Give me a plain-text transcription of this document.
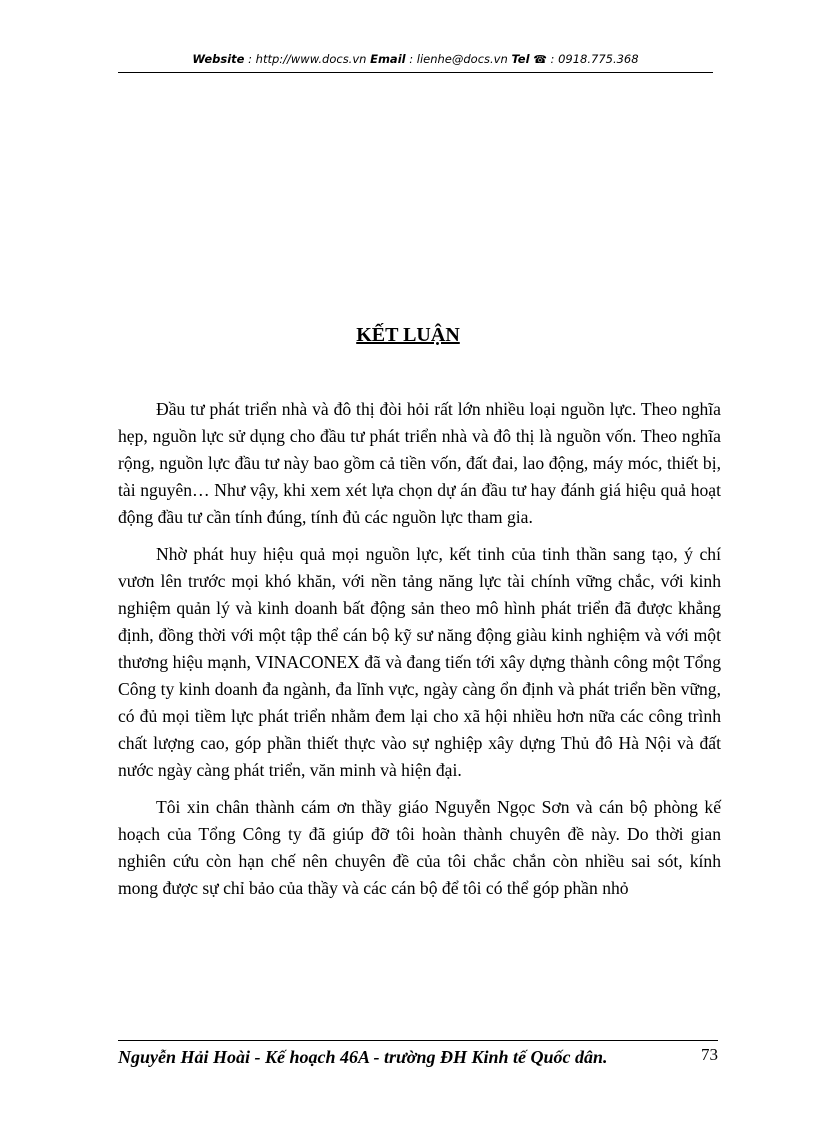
Website : http://www.docs.vn Email : lienhe@docs.vn Tel ☎ : 0918.775.368
KẾT LUẬN

Đầu tư phát triển nhà và đô thị đòi hỏi rất lớn nhiều loại nguồn lực. Theo nghĩa hẹp, nguồn lực sử dụng cho đầu tư phát triển nhà và đô thị là nguồn vốn. Theo nghĩa rộng, nguồn lực đầu tư này bao gồm cả tiền vốn, đất đai, lao động, máy móc, thiết bị, tài nguyên… Như vậy, khi xem xét lựa chọn dự án đầu tư hay đánh giá hiệu quả hoạt động đầu tư cần tính đúng, tính đủ các nguồn lực tham gia.

Nhờ phát huy hiệu quả mọi nguồn lực, kết tinh của tinh thần sang tạo, ý chí vươn lên trước mọi khó khăn, với nền tảng năng lực tài chính vững chắc, với kinh nghiệm quản lý và kinh doanh bất động sản theo mô hình phát triển đã được khẳng định, đồng thời với một tập thể cán bộ kỹ sư năng động giàu kinh nghiệm và với một thương hiệu mạnh, VINACONEX đã và đang tiến tới xây dựng thành công một Tổng Công ty kinh doanh đa ngành, đa lĩnh vực, ngày càng ổn định và phát triển bền vững, có đủ mọi tiềm lực phát triển nhằm đem lại cho xã hội nhiều hơn nữa các công trình chất lượng cao, góp phần thiết thực vào sự nghiệp xây dựng Thủ đô Hà Nội và đất nước ngày càng phát triển, văn minh và hiện đại.

Tôi xin chân thành cám ơn thầy giáo Nguyễn Ngọc Sơn và cán bộ phòng kế hoạch của Tổng Công ty đã giúp đỡ tôi hoàn thành chuyên đề này. Do thời gian nghiên cứu còn hạn chế nên chuyên đề của tôi chắc chắn còn nhiều sai sót, kính mong được sự chỉ bảo của thầy và các cán bộ để tôi có thể góp phần nhỏ

Nguyễn Hải Hoài - Kế hoạch 46A - trường ĐH Kinh tế Quốc dân.	73
